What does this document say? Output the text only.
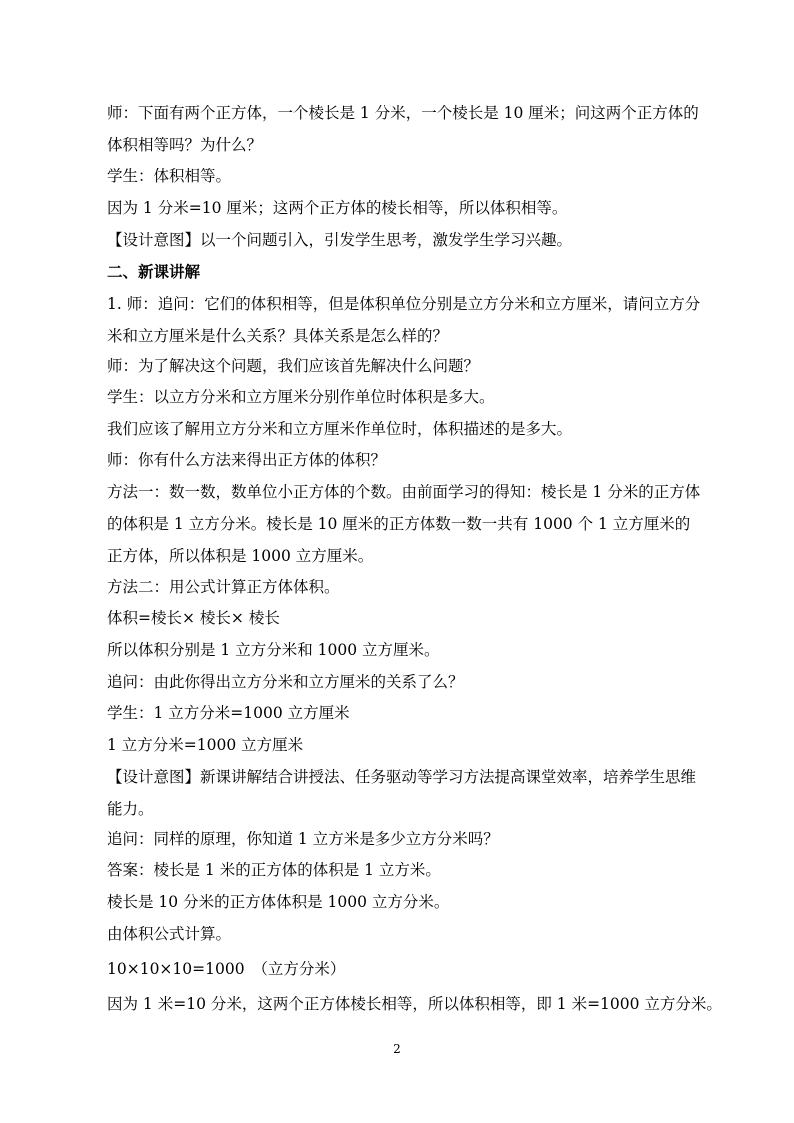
师：下面有两个正方体，一个棱长是 1 分米，一个棱长是 10 厘米；问这两个正方体的体积相等吗？为什么？
学生：体积相等。
因为 1 分米=10 厘米；这两个正方体的棱长相等，所以体积相等。
【设计意图】以一个问题引入，引发学生思考，激发学生学习兴趣。
二、新课讲解
1. 师：追问：它们的体积相等，但是体积单位分别是立方分米和立方厘米，请问立方分米和立方厘米是什么关系？具体关系是怎么样的？
师：为了解决这个问题，我们应该首先解决什么问题？
学生：以立方分米和立方厘米分别作单位时体积是多大。
我们应该了解用立方分米和立方厘米作单位时，体积描述的是多大。
师：你有什么方法来得出正方体的体积？
方法一：数一数，数单位小正方体的个数。由前面学习的得知：棱长是 1 分米的正方体的体积是 1 立方分米。棱长是 10 厘米的正方体数一数一共有 1000 个 1 立方厘米的正方体，所以体积是 1000 立方厘米。
方法二：用公式计算正方体体积。
体积=棱长× 棱长× 棱长
所以体积分别是 1 立方分米和 1000 立方厘米。
追问：由此你得出立方分米和立方厘米的关系了么？
学生：1 立方分米=1000 立方厘米
1 立方分米=1000 立方厘米
【设计意图】新课讲解结合讲授法、任务驱动等学习方法提高课堂效率，培养学生思维能力。
追问：同样的原理，你知道 1 立方米是多少立方分米吗？
答案：棱长是 1 米的正方体的体积是 1 立方米。
棱长是 10 分米的正方体体积是 1000 立方分米。
由体积公式计算。
10×10×10=1000　（立方分米）
因为 1 米=10 分米，这两个正方体棱长相等，所以体积相等，即 1 米=1000 立方分米。
2
